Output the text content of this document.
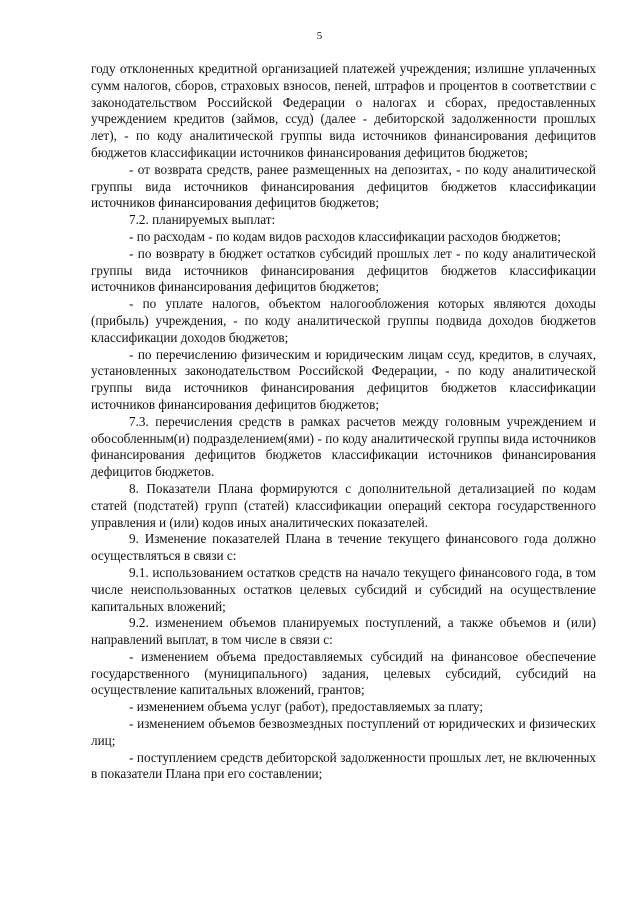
5

году отклоненных кредитной организацией платежей учреждения; излишне уплаченных сумм налогов, сборов, страховых взносов, пеней, штрафов и процентов в соответствии с законодательством Российской Федерации о налогах и сборах, предоставленных учреждением кредитов (займов, ссуд) (далее - дебиторской задолженности прошлых лет), - по коду аналитической группы вида источников финансирования дефицитов бюджетов классификации источников финансирования дефицитов бюджетов;

- от возврата средств, ранее размещенных на депозитах, - по коду аналитической группы вида источников финансирования дефицитов бюджетов классификации источников финансирования дефицитов бюджетов;

7.2. планируемых выплат:

- по расходам - по кодам видов расходов классификации расходов бюджетов;

- по возврату в бюджет остатков субсидий прошлых лет - по коду аналитической группы вида источников финансирования дефицитов бюджетов классификации источников финансирования дефицитов бюджетов;

- по уплате налогов, объектом налогообложения которых являются доходы (прибыль) учреждения, - по коду аналитической группы подвида доходов бюджетов классификации доходов бюджетов;

- по перечислению физическим и юридическим лицам ссуд, кредитов, в случаях, установленных законодательством Российской Федерации, - по коду аналитической группы вида источников финансирования дефицитов бюджетов классификации источников финансирования дефицитов бюджетов;

7.3. перечисления средств в рамках расчетов между головным учреждением и обособленным(и) подразделением(ями) - по коду аналитической группы вида источников финансирования дефицитов бюджетов классификации источников финансирования дефицитов бюджетов.

8. Показатели Плана формируются с дополнительной детализацией по кодам статей (подстатей) групп (статей) классификации операций сектора государственного управления и (или) кодов иных аналитических показателей.

9. Изменение показателей Плана в течение текущего финансового года должно осуществляться в связи с:

9.1. использованием остатков средств на начало текущего финансового года, в том числе неиспользованных остатков целевых субсидий и субсидий на осуществление капитальных вложений;

9.2. изменением объемов планируемых поступлений, а также объемов и (или) направлений выплат, в том числе в связи с:

- изменением объема предоставляемых субсидий на финансовое обеспечение государственного (муниципального) задания, целевых субсидий, субсидий на осуществление капитальных вложений, грантов;

- изменением объема услуг (работ), предоставляемых за плату;

- изменением объемов безвозмездных поступлений от юридических и физических лиц;

- поступлением средств дебиторской задолженности прошлых лет, не включенных в показатели Плана при его составлении;
